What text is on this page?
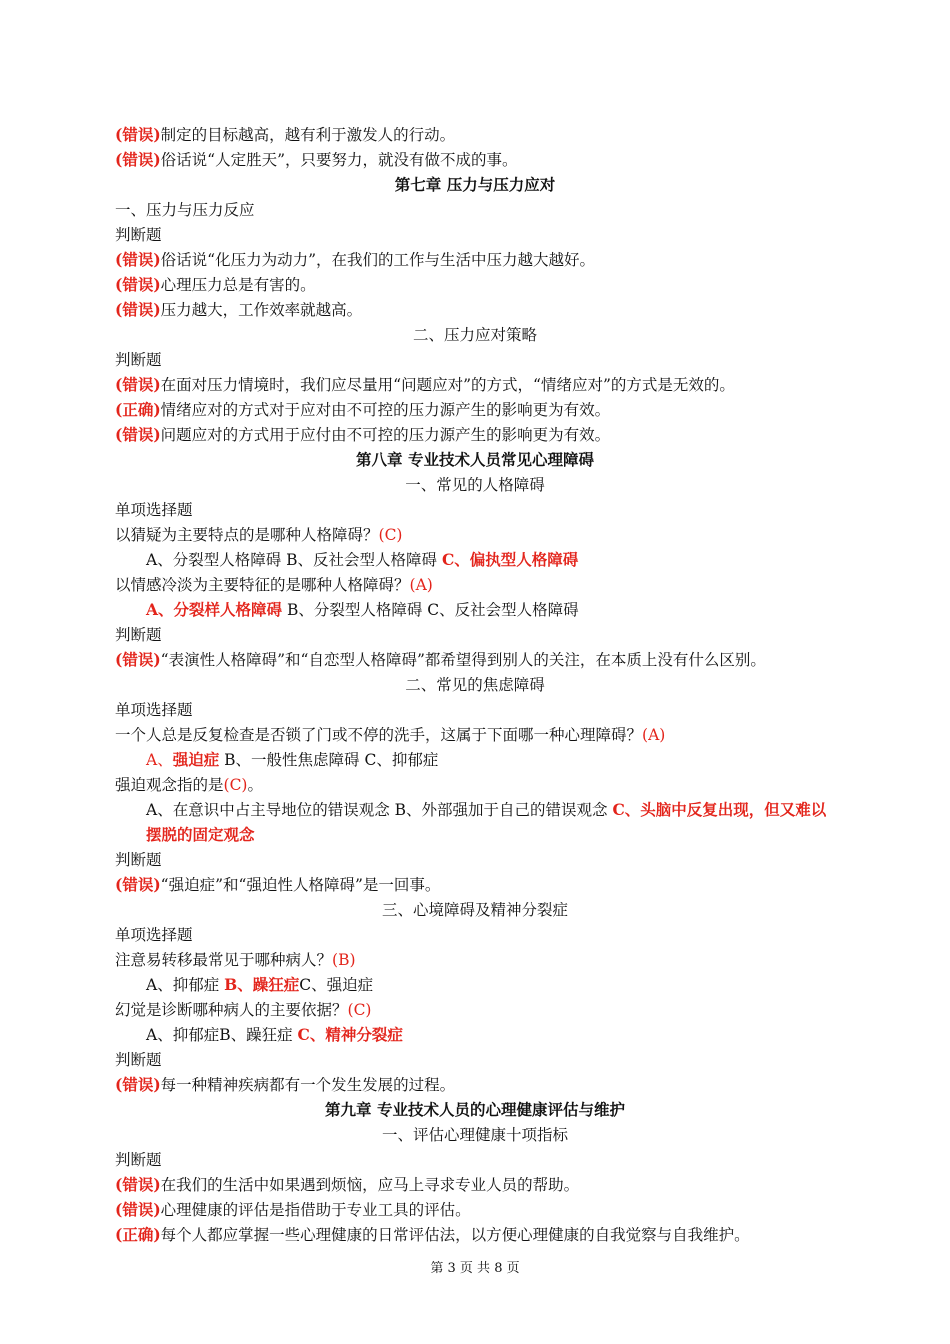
(错误)制定的目标越高，越有利于激发人的行动。
(错误)俗话说“人定胜天”，只要努力，就没有做不成的事。
第七章 压力与压力应对
一、压力与压力反应
判断题
(错误)俗话说“化压力为动力”，在我们的工作与生活中压力越大越好。
(错误)心理压力总是有害的。
(错误)压力越大，工作效率就越高。
二、压力应对策略
判断题
(错误)在面对压力情境时，我们应尽量用“问题应对”的方式，“情绪应对”的方式是无效的。
(正确)情绪应对的方式对于应对由不可控的压力源产生的影响更为有效。
(错误)问题应对的方式用于应付由不可控的压力源产生的影响更为有效。
第八章 专业技术人员常见心理障碍
一、常见的人格障碍
单项选择题
以猜疑为主要特点的是哪种人格障碍？(C)
A、分裂型人格障碍 B、反社会型人格障碍 C、偏执型人格障碍
以情感冷淡为主要特征的是哪种人格障碍？(A)
A、分裂样人格障碍 B、分裂型人格障碍 C、反社会型人格障碍
判断题
(错误)“表演性人格障碍”和“自恋型人格障碍”都希望得到别人的关注，在本质上没有什么区别。
二、常见的焦虑障碍
单项选择题
一个人总是反复检查是否锁了门或不停的洗手，这属于下面哪一种心理障碍？(A)
A、强迫症 B、一般性焦虑障碍 C、抑郁症
强迫观念指的是(C)。
A、在意识中占主导地位的错误观念 B、外部强加于自己的错误观念 C、头脑中反复出现，但又难以
摆脱的固定观念
判断题
(错误)“强迫症”和“强迫性人格障碍”是一回事。
三、心境障碍及精神分裂症
单项选择题
注意易转移最常见于哪种病人？(B)
A、抑郁症 B、躁狂症C、强迫症
幻觉是诊断哪种病人的主要依据？(C)
A、抑郁症B、躁狂症 C、精神分裂症
判断题
(错误)每一种精神疾病都有一个发生发展的过程。
第九章 专业技术人员的心理健康评估与维护
一、评估心理健康十项指标
判断题
(错误)在我们的生活中如果遇到烦恼，应马上寻求专业人员的帮助。
(错误)心理健康的评估是指借助于专业工具的评估。
(正确)每个人都应掌握一些心理健康的日常评估法，以方便心理健康的自我觉察与自我维护。
第 3 页 共 8 页
